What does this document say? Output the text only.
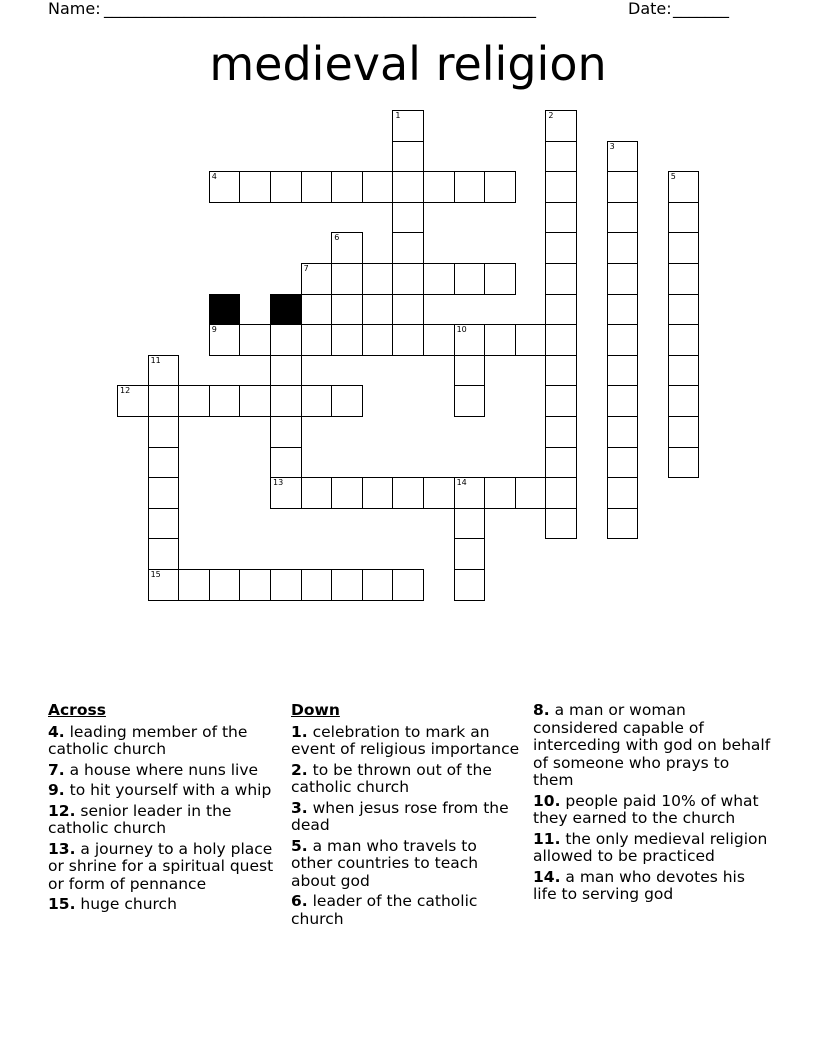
Name: ______________________________________________________	Date: _______
medieval religion
1	2
3
4	5
6
7
8
9	10
11
15
12
13	14
Across
4. leading member of the catholic church
7. a house where nuns live
9. to hit yourself with a whip
12. senior leader in the catholic church
13. a journey to a holy place or shrine for a spiritual quest or form of pennance
15. huge church
Down
1. celebration to mark an event of religious importance
2. to be thrown out of the catholic church
3. when jesus rose from the dead
5. a man who travels to other countries to teach about god
6. leader of the catholic church
8. a man or woman considered capable of interceding with god on behalf of someone who prays to them
10. people paid 10% of what they earned to the church
11. the only medieval religion allowed to be practiced
14. a man who devotes his life to serving god
